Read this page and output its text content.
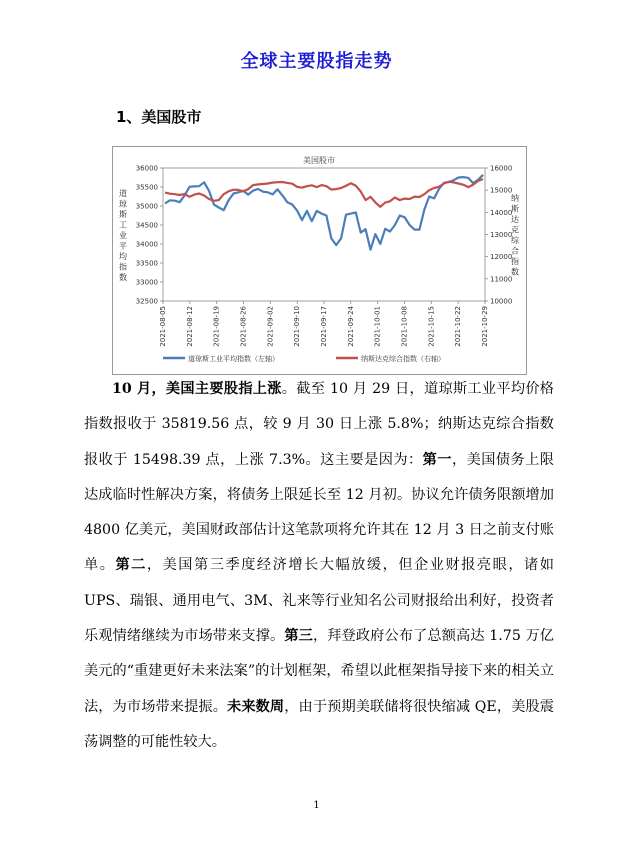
全球主要股指走势
1、美国股市
美国股市
36000
35500
35000
34500
34000
33500
33000
32500
16000
15000
14000
13000
12000
11000
10000
2021-08-05	2021-08-12	2021-08-19	2021-08-26	2021-09-02	2021-09-10	2021-09-17	2021-09-24	2021-10-01	2021-10-08	2021-10-15	2021-10-22	2021-10-29
道
琼
斯
工
业
平
均
指
数
纳
斯
达
克
综
合
指
数
道琼斯工业平均指数（左轴）	纳斯达克综合指数（右轴）

10 月，美国主要股指上涨。截至 10 月 29 日，道琼斯工业平均价格指数报收于 35819.56 点，较 9 月 30 日上涨 5.8%；纳斯达克综合指数报收于 15498.39 点，上涨 7.3%。这主要是因为：第一，美国债务上限达成临时性解决方案，将债务上限延长至 12 月初。协议允许债务限额增加 4800 亿美元，美国财政部估计这笔款项将允许其在 12 月 3 日之前支付账单。第二，美国第三季度经济增长大幅放缓，但企业财报亮眼，诸如 UPS、瑞银、通用电气、3M、礼来等行业知名公司财报给出利好，投资者乐观情绪继续为市场带来支撑。第三，拜登政府公布了总额高达 1.75 万亿美元的“重建更好未来法案”的计划框架，希望以此框架指导接下来的相关立法，为市场带来提振。未来数周，由于预期美联储将很快缩减 QE，美股震荡调整的可能性较大。

1
